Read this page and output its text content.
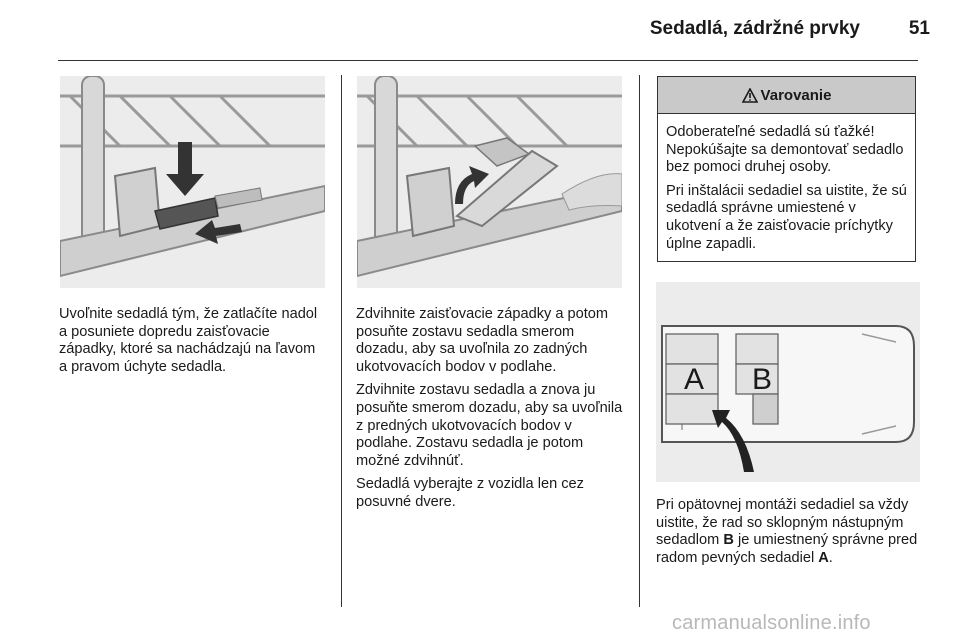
Sedadlá, zádržné prvky	51

Uvoľnite sedadlá tým, že zatlačíte nadol a posuniete dopredu zaisťovacie západky, ktoré sa nachádzajú na ľavom a pravom úchyte sedadla.

Zdvihnite zaisťovacie západky a potom posuňte zostavu sedadla smerom dozadu, aby sa uvoľnila zo zadných ukotvovacích bodov v podlahe.

Zdvihnite zostavu sedadla a znova ju posuňte smerom dozadu, aby sa uvoľnila z predných ukotvovacích bodov v podlahe. Zostavu sedadla je potom možné zdvihnúť.

Sedadlá vyberajte z vozidla len cez posuvné dvere.

Varovanie

Odoberateľné sedadlá sú ťažké! Nepokúšajte sa demontovať sedadlo bez pomoci druhej osoby.

Pri inštalácii sedadiel sa uistite, že sú sedadlá správne umiestené v ukotvení a že zaisťovacie príchytky úplne zapadli.

A B

Pri opätovnej montáži sedadiel sa vždy uistite, že rad so sklopným nástupným sedadlom B je umiestnený správne pred radom pevných sedadiel A.

carmanualsonline.info
